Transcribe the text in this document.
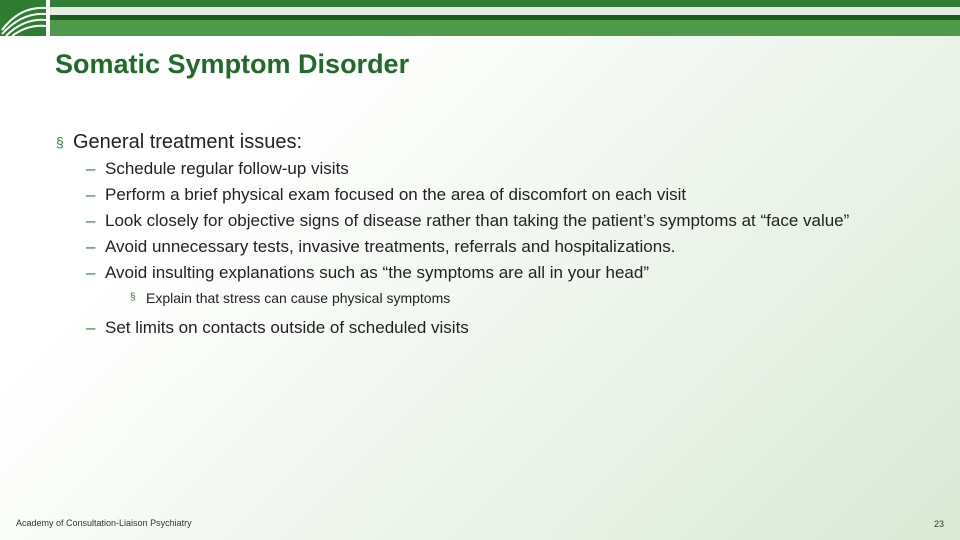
Somatic Symptom Disorder
§ General treatment issues:
– Schedule regular follow-up visits
– Perform a brief physical exam focused on the area of discomfort on each visit
– Look closely for objective signs of disease rather than taking the patient’s symptoms at “face value”
– Avoid unnecessary tests, invasive treatments, referrals and hospitalizations.
– Avoid insulting explanations such as “the symptoms are all in your head”
§ Explain that stress can cause physical symptoms
– Set limits on contacts outside of scheduled visits
Academy of Consultation-Liaison Psychiatry	23
